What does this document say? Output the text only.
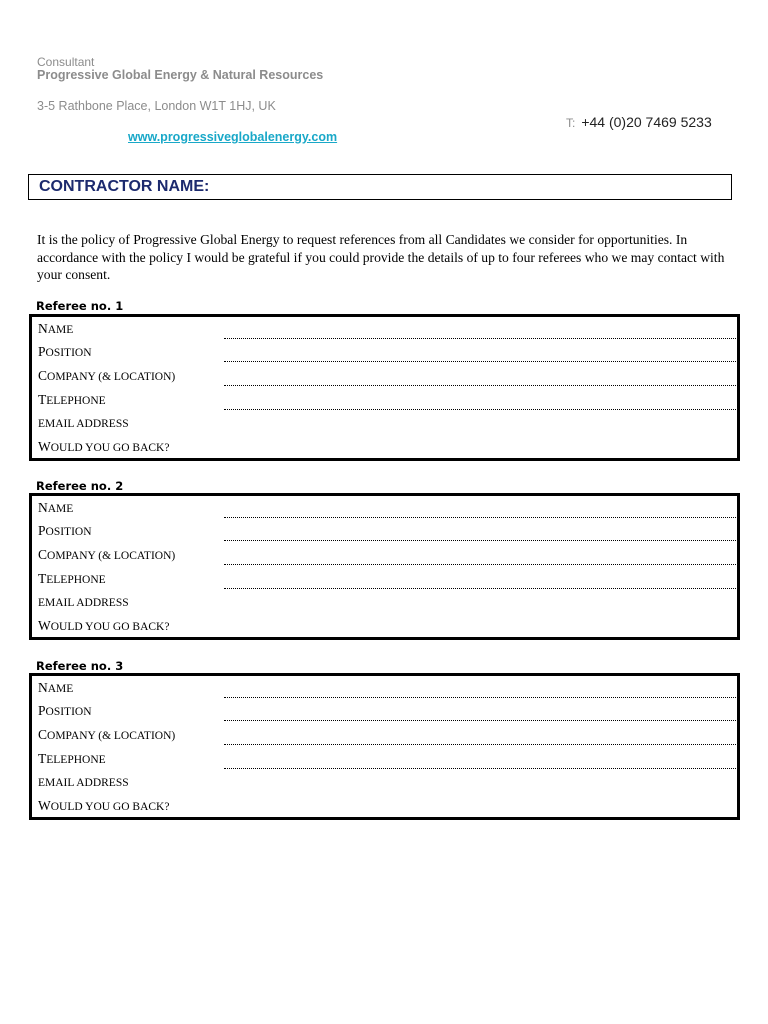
Consultant
Progressive Global Energy & Natural Resources
3-5 Rathbone Place, London W1T 1HJ, UK
T: +44 (0)20 7469 5233
www.progressiveglobalenergy.com
CONTRACTOR NAME:

It is the policy of Progressive Global Energy to request references from all Candidates we consider for opportunities. In accordance with the policy I would be grateful if you could provide the details of up to four referees who we may contact with your consent.

Referee no. 1
NAME
POSITION
COMPANY (& LOCATION)
TELEPHONE
EMAIL ADDRESS
WOULD YOU GO BACK?
Referee no. 2
NAME
POSITION
COMPANY (& LOCATION)
TELEPHONE
EMAIL ADDRESS
WOULD YOU GO BACK?
Referee no. 3
NAME
POSITION
COMPANY (& LOCATION)
TELEPHONE
EMAIL ADDRESS
WOULD YOU GO BACK?
